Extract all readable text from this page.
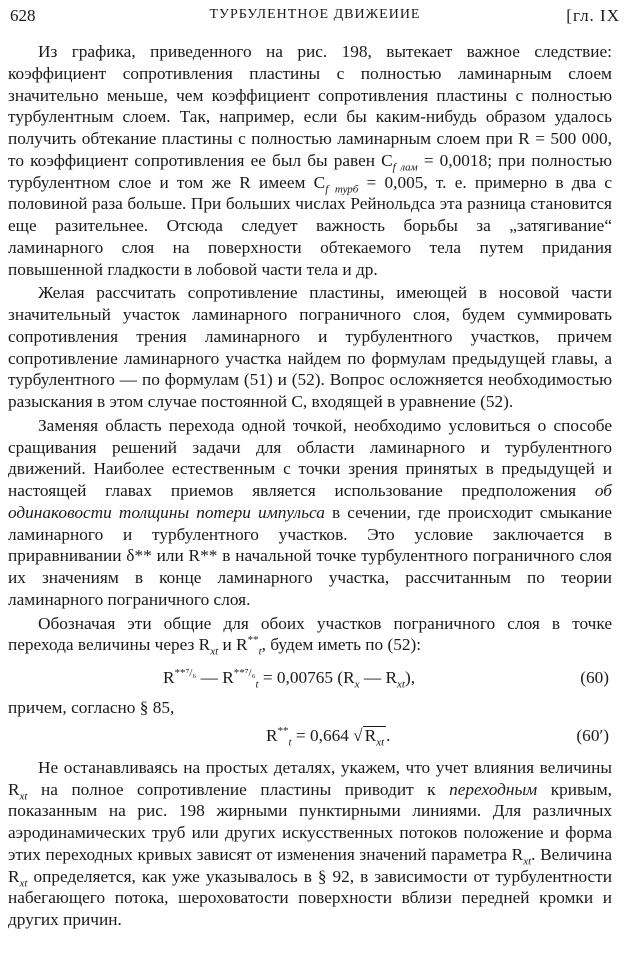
628	ТУРБУЛЕНТНОЕ ДВИЖЕИИЕ	[гл. IX

Из графика, приведенного на рис. 198, вытекает важное следствие: коэффициент сопротивления пластины с полностью ламинарным слоем значительно меньше, чем коэффициент сопротивления пластины с полностью турбулентным слоем. Так, например, если бы каким-нибудь образом удалось получить обтекание пластины с полностью ламинарным слоем при R = 500 000, то коэффициент сопротивления ее был бы равен $C_{f лам} = 0,0018$; при полностью турбулентном слое и том же R имеем $C_{f турб} = 0,005$, т. е. примерно в два с половиной раза больше. При больших числах Рейнольдса эта разница становится еще разительнее. Отсюда следует важность борьбы за „затягивание“ ламинарного слоя на поверхности обтекаемого тела путем придания повышенной гладкости в лобовой части тела и др.

Желая рассчитать сопротивление пластины, имеющей в носовой части значительный участок ламинарного пограничного слоя, будем суммировать сопротивления трения ламинарного и турбулентного участков, причем сопротивление ламинарного участка найдем по формулам предыдущей главы, а турбулентного — по формулам (51) и (52). Вопрос осложняется необходимостью разыскания в этом случае постоянной C, входящей в уравнение (52).

Заменяя область перехода одной точкой, необходимо условиться о способе сращивания решений задачи для области ламинарного и турбулентного движений. Наиболее естественным с точки зрения принятых в предыдущей и настоящей главах приемов является использование предположения об одинаковости толщины потери импульса в сечении, где происходит смыкание ламинарного и турбулентного участков. Это условие заключается в приравнивании δ** или R** в начальной точке турбулентного пограничного слоя их значениям в конце ламинарного участка, рассчитанным по теории ламинарного пограничного слоя.

Обозначая эти общие для обоих участков пограничного слоя в точке перехода величины через $R_{xt}$ и $R^{**}_t$, будем иметь по (52):

$R^{**^7/_6}$ — $R^{**^7/_6}_t = 0,00765$ ($R_x$ — $R_{xt}$),	(60)

причем, согласно § 85,

$R^{**}_t = 0,664$ √ $R_{xt}$ .	(60′)

Не останавливаясь на простых деталях, укажем, что учет влияния величины $R_{xt}$ на полное сопротивление пластины приводит к переходным кривым, показанным на рис. 198 жирными пунктирными линиями. Для различных аэродинамических труб или других искусственных потоков положение и форма этих переходных кривых зависят от изменения значений параметра $R_{xt}$. Величина $R_{xt}$ определяется, как уже указывалось в § 92, в зависимости от турбулентности набегающего потока, шероховатости поверхности вблизи передней кромки и других причин.
